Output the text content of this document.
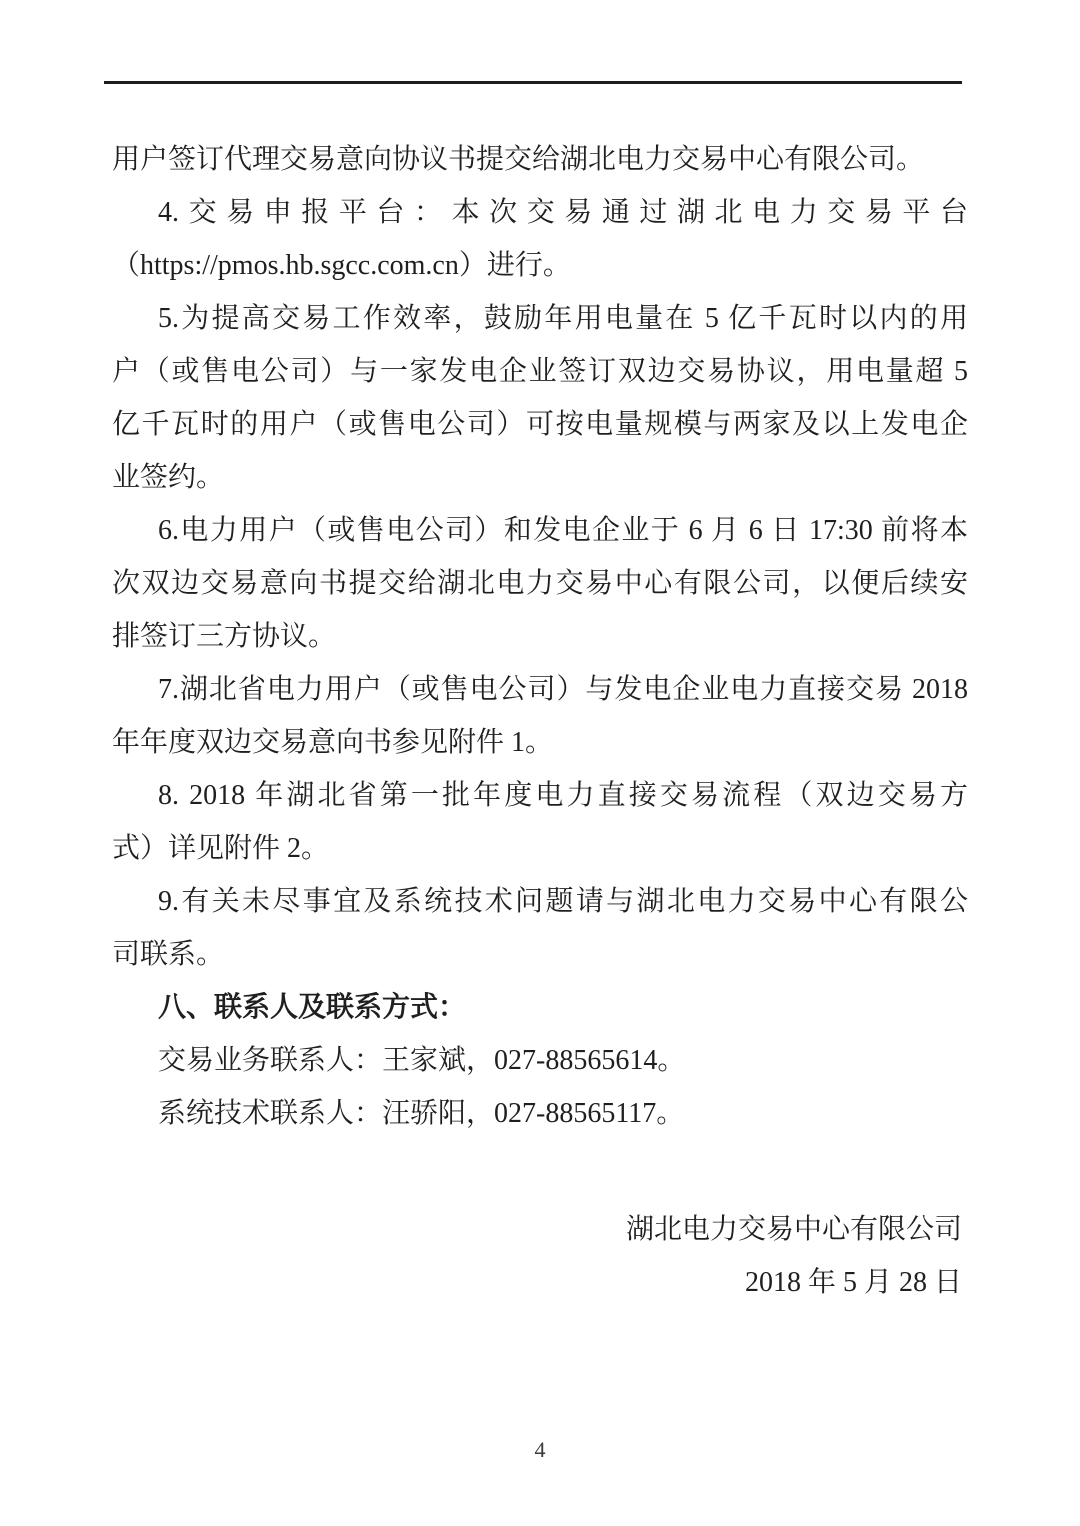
用户签订代理交易意向协议书提交给湖北电力交易中心有限公司。
4.交易申报平台：本次交易通过湖北电力交易平台
（https://pmos.hb.sgcc.com.cn）进行。
5.为提高交易工作效率，鼓励年用电量在 5 亿千瓦时以内的用
户（或售电公司）与一家发电企业签订双边交易协议，用电量超 5
亿千瓦时的用户（或售电公司）可按电量规模与两家及以上发电企
业签约。
6.电力用户（或售电公司）和发电企业于 6 月 6 日 17:30 前将本
次双边交易意向书提交给湖北电力交易中心有限公司，以便后续安
排签订三方协议。
7.湖北省电力用户（或售电公司）与发电企业电力直接交易 2018
年年度双边交易意向书参见附件 1。
8. 2018 年湖北省第一批年度电力直接交易流程（双边交易方
式）详见附件 2。
9.有关未尽事宜及系统技术问题请与湖北电力交易中心有限公
司联系。
八、联系人及联系方式：
交易业务联系人：王家斌，027-88565614。
系统技术联系人：汪骄阳，027-88565117。
湖北电力交易中心有限公司
2018 年 5 月 28 日
4
